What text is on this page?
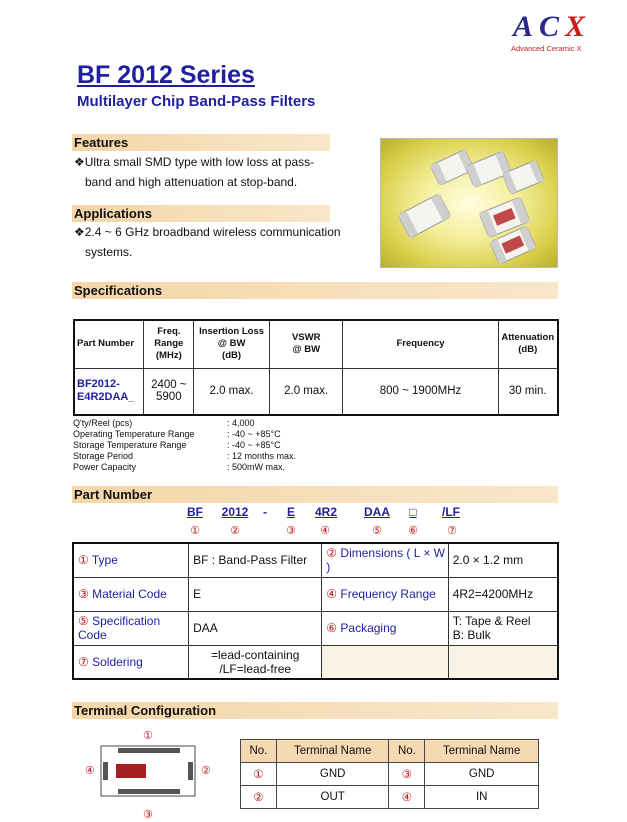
ACX
Advanced Ceramic X
BF 2012 Series
Multilayer Chip Band-Pass Filters
Features
❖Ultra small SMD type with low loss at pass-
band and high attenuation at stop-band.
Applications
❖2.4 ~ 6 GHz broadband wireless communication
systems.
Specifications
Part Number	Freq.
Range
(MHz)	Insertion Loss
@ BW
(dB)	VSWR
@ BW	Frequency	Attenuation
(dB)
BF2012-
E4R2DAA_	2400 ~
5900	2.0 max.	2.0 max.	800 ~ 1900MHz	30 min.
Q'ty/Reel (pcs)	: 4,000
Operating Temperature Range	: -40 ~ +85°C
Storage Temperature Range	: -40 ~ +85°C
Storage Period	: 12 months max.
Power Capacity	: 500mW max.
Part Number
BF 2012	-	E	4R2	DAA	□	/LF
①	②	③ ④	⑤ ⑥	⑦
① Type	BF : Band-Pass Filter	② Dimensions ( L × W )	2.0 × 1.2 mm
③ Material Code	E	④ Frequency Range	4R2=4200MHz
⑤ Specification Code	DAA	⑥ Packaging	T: Tape & Reel
B: Bulk
⑦ Soldering	=lead-containing
/LF=lead-free		
Terminal Configuration
①
④	②
③
No.	Terminal Name	No.	Terminal Name
①	GND	③	GND
②	OUT	④	IN
